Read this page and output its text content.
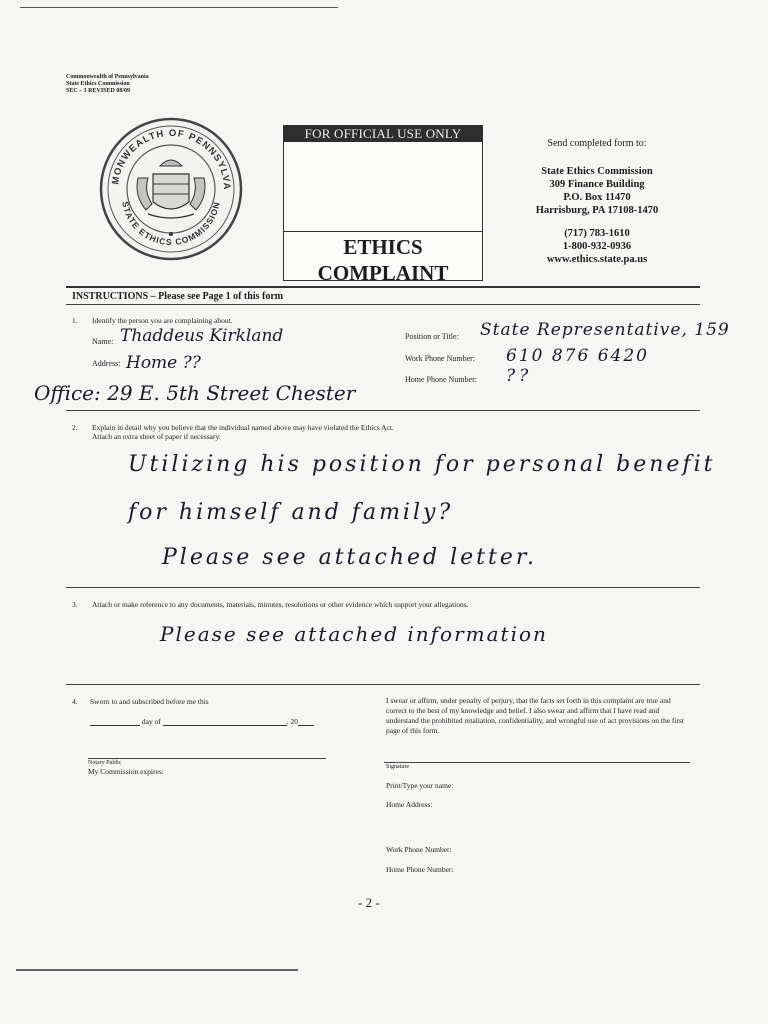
Commonwealth of Pennsylvania
State Ethics Commission
SEC – 3 REVISED 08/09
MONWEALTH OF PENNSYLVA
STATE ETHICS COMMISSION
FOR OFFICIAL USE ONLY
ETHICS
COMPLAINT
Send completed form to:
State Ethics Commission
309 Finance Building
P.O. Box 11470
Harrisburg, PA 17108-1470
(717) 783-1610
1-800-932-0936
www.ethics.state.pa.us
INSTRUCTIONS – Please see Page 1 of this form
1. Identify the person you are complaining about.
Name: Thaddeus Kirkland
Address: Home ??
Office: 29 E. 5th Street Chester
Position or Title: State Representative, 159
Work Phone Number: 610 876 6420
Home Phone Number: ??
2. Explain in detail why you believe that the individual named above may have violated the Ethics Act.
Attach an extra sheet of paper if necessary.
Utilizing his position for personal benefit
for himself and family?
Please see attached letter.
3. Attach or make reference to any documents, materials, minutes, resolutions or other evidence which support your allegations.
Please see attached information
4. Sworn to and subscribed before me this
day of	, 20
Notary Public
My Commission expires:
I swear or affirm, under penalty of perjury, that the facts set forth in this complaint are true and correct to the best of my knowledge and belief. I also swear and affirm that I have read and understand the prohibited retaliation, confidentiality, and wrongful use of act provisions on the first page of this form.
Signature
Print/Type your name:
Home Address:
Work Phone Number:
Home Phone Number:
- 2 -
